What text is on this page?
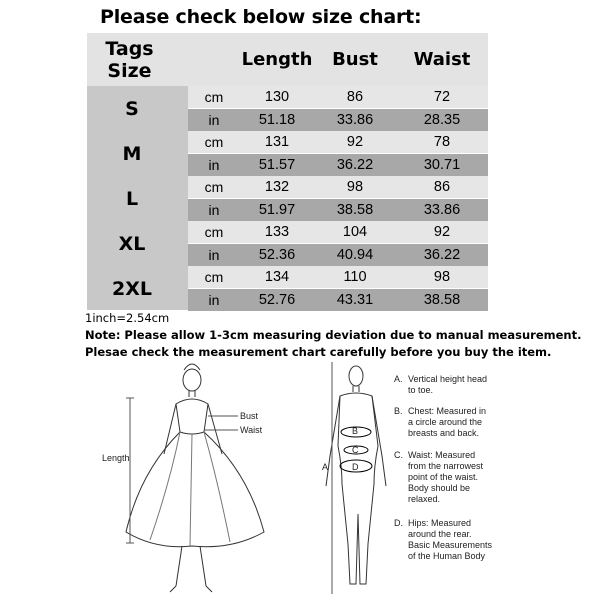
Please check below size chart:
Tags
Size	Length	Bust	Waist
S
cm	130	86	72
in	51.18	33.86	28.35
M
cm	131	92	78
in	51.57	36.22	30.71
L
cm	132	98	86
in	51.97	38.58	33.86
XL
cm	133	104	92
in	52.36	40.94	36.22
2XL
cm	134	110	98
in	52.76	43.31	38.58
1inch=2.54cm
Note: Please allow 1-3cm measuring deviation due to manual measurement.
Plesae check the measurement chart carefully before you buy the item.
Bust
Waist
Length
A
B
C
D
A. Vertical height head
to toe.
B. Chest: Measured in
a circle around the
breasts and back.
C. Waist: Measured
from the narrowest
point of the waist.
Body should be
relaxed.
D. Hips: Measured
around the rear.
Basic Measurements
of the Human Body
